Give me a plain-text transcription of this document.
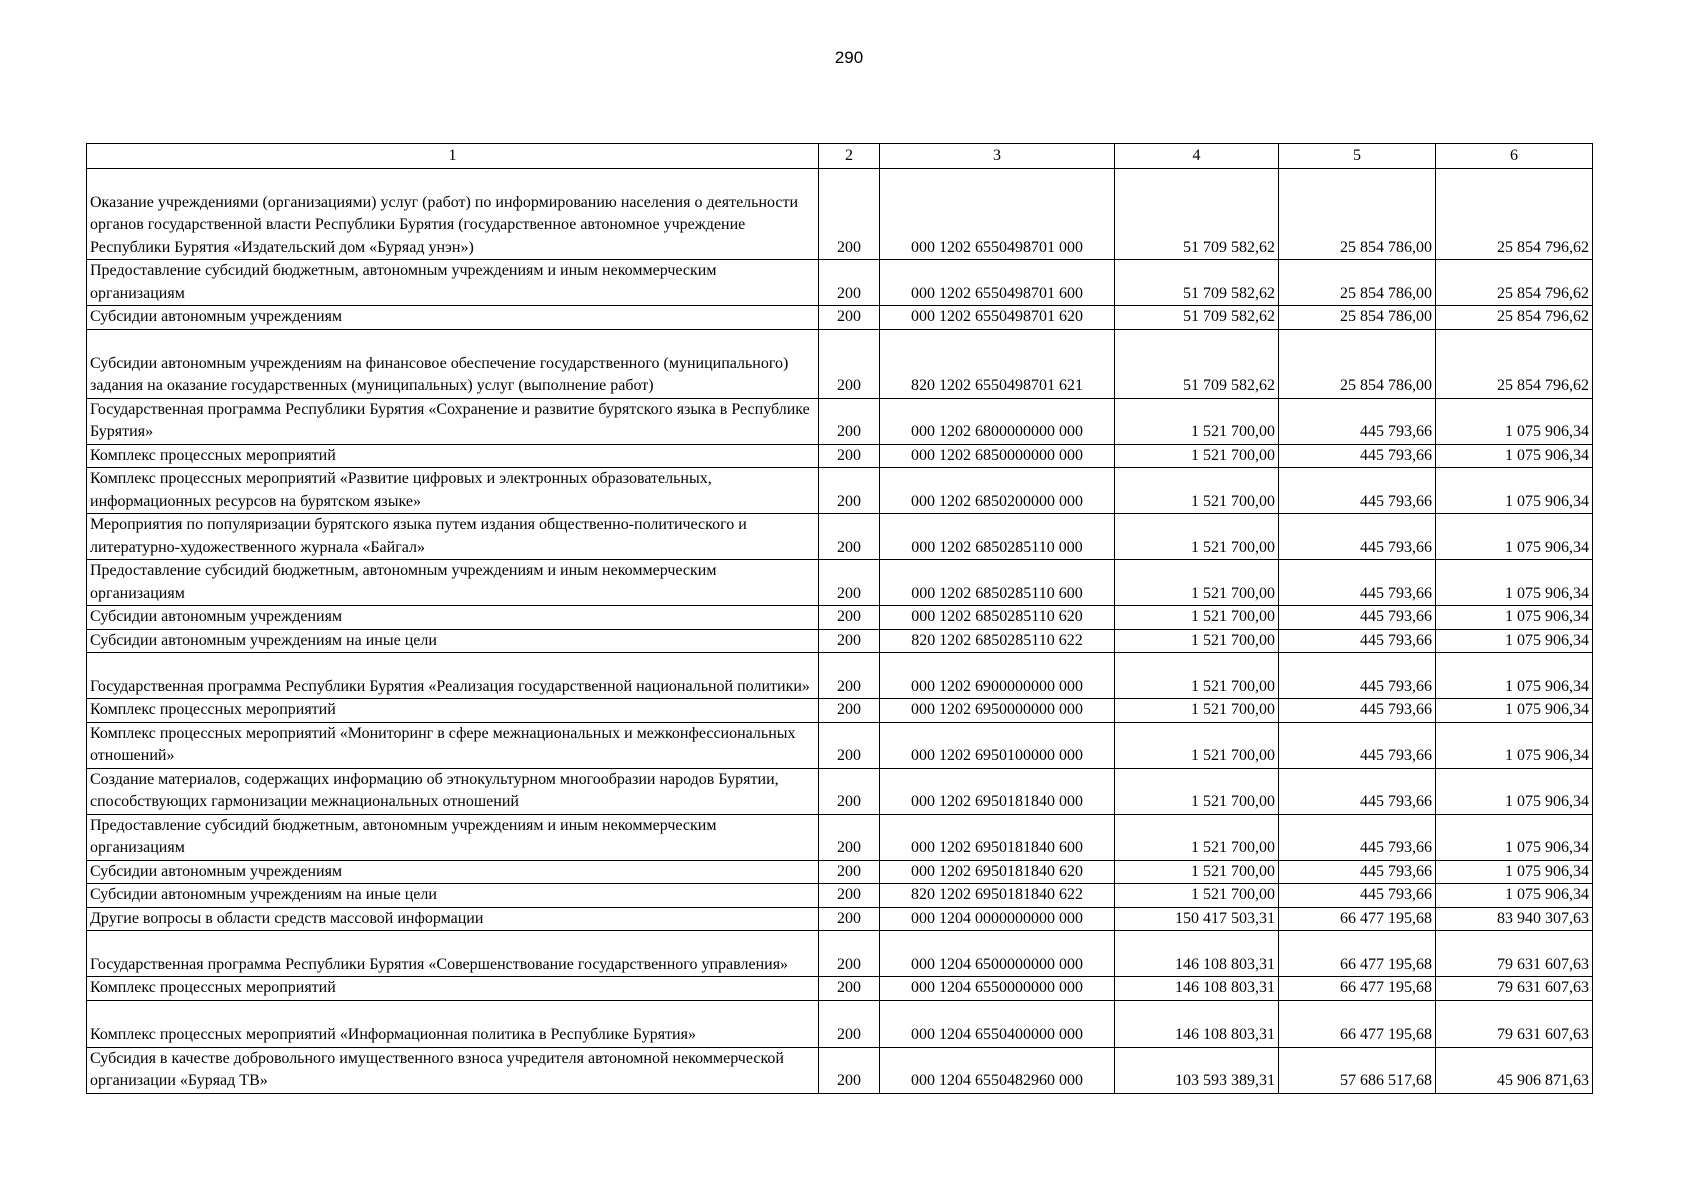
290
1	2	3	4	5	6
Оказание учреждениями (организациями) услуг (работ) по информированию населения о деятельности органов государственной власти Республики Бурятия (государственное автономное учреждение Республики Бурятия «Издательский дом «Буряад унэн»)	200	000 1202 6550498701 000	51 709 582,62	25 854 786,00	25 854 796,62
Предоставление субсидий бюджетным, автономным учреждениям и иным некоммерческим организациям	200	000 1202 6550498701 600	51 709 582,62	25 854 786,00	25 854 796,62
Субсидии автономным учреждениям	200	000 1202 6550498701 620	51 709 582,62	25 854 786,00	25 854 796,62
Субсидии автономным учреждениям на финансовое обеспечение государственного (муниципального) задания на оказание государственных (муниципальных) услуг (выполнение работ)	200	820 1202 6550498701 621	51 709 582,62	25 854 786,00	25 854 796,62
Государственная программа Республики Бурятия «Сохранение и развитие бурятского языка в Республике Бурятия»	200	000 1202 6800000000 000	1 521 700,00	445 793,66	1 075 906,34
Комплекс процессных мероприятий	200	000 1202 6850000000 000	1 521 700,00	445 793,66	1 075 906,34
Комплекс процессных мероприятий «Развитие цифровых и электронных образовательных, информационных ресурсов на бурятском языке»	200	000 1202 6850200000 000	1 521 700,00	445 793,66	1 075 906,34
Мероприятия по популяризации бурятского языка путем издания общественно-политического и литературно-художественного журнала «Байгал»	200	000 1202 6850285110 000	1 521 700,00	445 793,66	1 075 906,34
Предоставление субсидий бюджетным, автономным учреждениям и иным некоммерческим организациям	200	000 1202 6850285110 600	1 521 700,00	445 793,66	1 075 906,34
Субсидии автономным учреждениям	200	000 1202 6850285110 620	1 521 700,00	445 793,66	1 075 906,34
Субсидии автономным учреждениям на иные цели	200	820 1202 6850285110 622	1 521 700,00	445 793,66	1 075 906,34
Государственная программа Республики Бурятия «Реализация государственной национальной политики»	200	000 1202 6900000000 000	1 521 700,00	445 793,66	1 075 906,34
Комплекс процессных мероприятий	200	000 1202 6950000000 000	1 521 700,00	445 793,66	1 075 906,34
Комплекс процессных мероприятий «Мониторинг в сфере межнациональных и межконфессиональных отношений»	200	000 1202 6950100000 000	1 521 700,00	445 793,66	1 075 906,34
Создание материалов, содержащих информацию об этнокультурном многообразии народов Бурятии, способствующих гармонизации межнациональных отношений	200	000 1202 6950181840 000	1 521 700,00	445 793,66	1 075 906,34
Предоставление субсидий бюджетным, автономным учреждениям и иным некоммерческим организациям	200	000 1202 6950181840 600	1 521 700,00	445 793,66	1 075 906,34
Субсидии автономным учреждениям	200	000 1202 6950181840 620	1 521 700,00	445 793,66	1 075 906,34
Субсидии автономным учреждениям на иные цели	200	820 1202 6950181840 622	1 521 700,00	445 793,66	1 075 906,34
Другие вопросы в области средств массовой информации	200	000 1204 0000000000 000	150 417 503,31	66 477 195,68	83 940 307,63
Государственная программа Республики Бурятия «Совершенствование государственного управления»	200	000 1204 6500000000 000	146 108 803,31	66 477 195,68	79 631 607,63
Комплекс процессных мероприятий	200	000 1204 6550000000 000	146 108 803,31	66 477 195,68	79 631 607,63
Комплекс процессных мероприятий «Информационная политика в Республике Бурятия»	200	000 1204 6550400000 000	146 108 803,31	66 477 195,68	79 631 607,63
Субсидия в качестве добровольного имущественного взноса учредителя автономной некоммерческой организации «Буряад ТВ»	200	000 1204 6550482960 000	103 593 389,31	57 686 517,68	45 906 871,63
